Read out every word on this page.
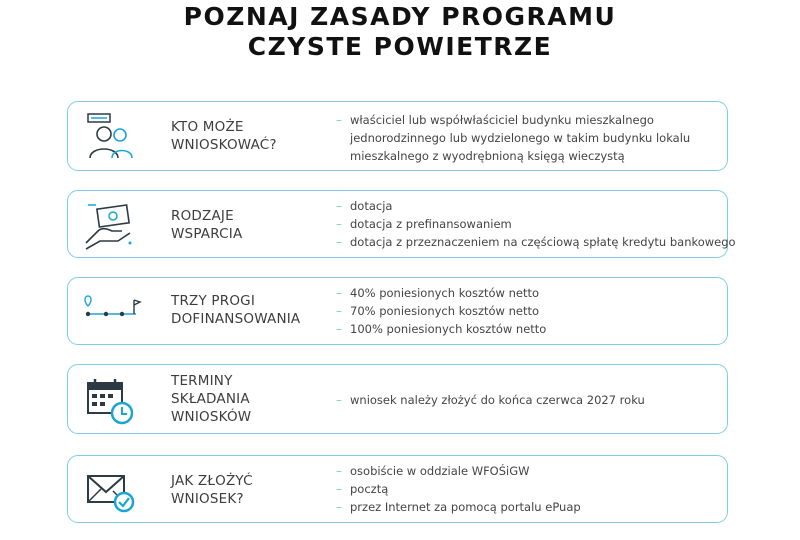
POZNAJ ZASADY PROGRAMU
CZYSTE POWIETRZE
KTO MOŻE
WNIOSKOWAĆ?
– właściciel lub współwłaściciel budynku mieszkalnego
jednorodzinnego lub wydzielonego w takim budynku lokalu
mieszkalnego z wyodrębnioną księgą wieczystą
RODZAJE
WSPARCIA
– dotacja
– dotacja z prefinansowaniem
– dotacja z przeznaczeniem na częściową spłatę kredytu bankowego
TRZY PROGI
DOFINANSOWANIA
– 40% poniesionych kosztów netto
– 70% poniesionych kosztów netto
– 100% poniesionych kosztów netto
TERMINY
SKŁADANIA
WNIOSKÓW
– wniosek należy złożyć do końca czerwca 2027 roku
JAK ZŁOŻYĆ
WNIOSEK?
– osobiście w oddziale WFOŚiGW
– pocztą
– przez Internet za pomocą portalu ePuap
